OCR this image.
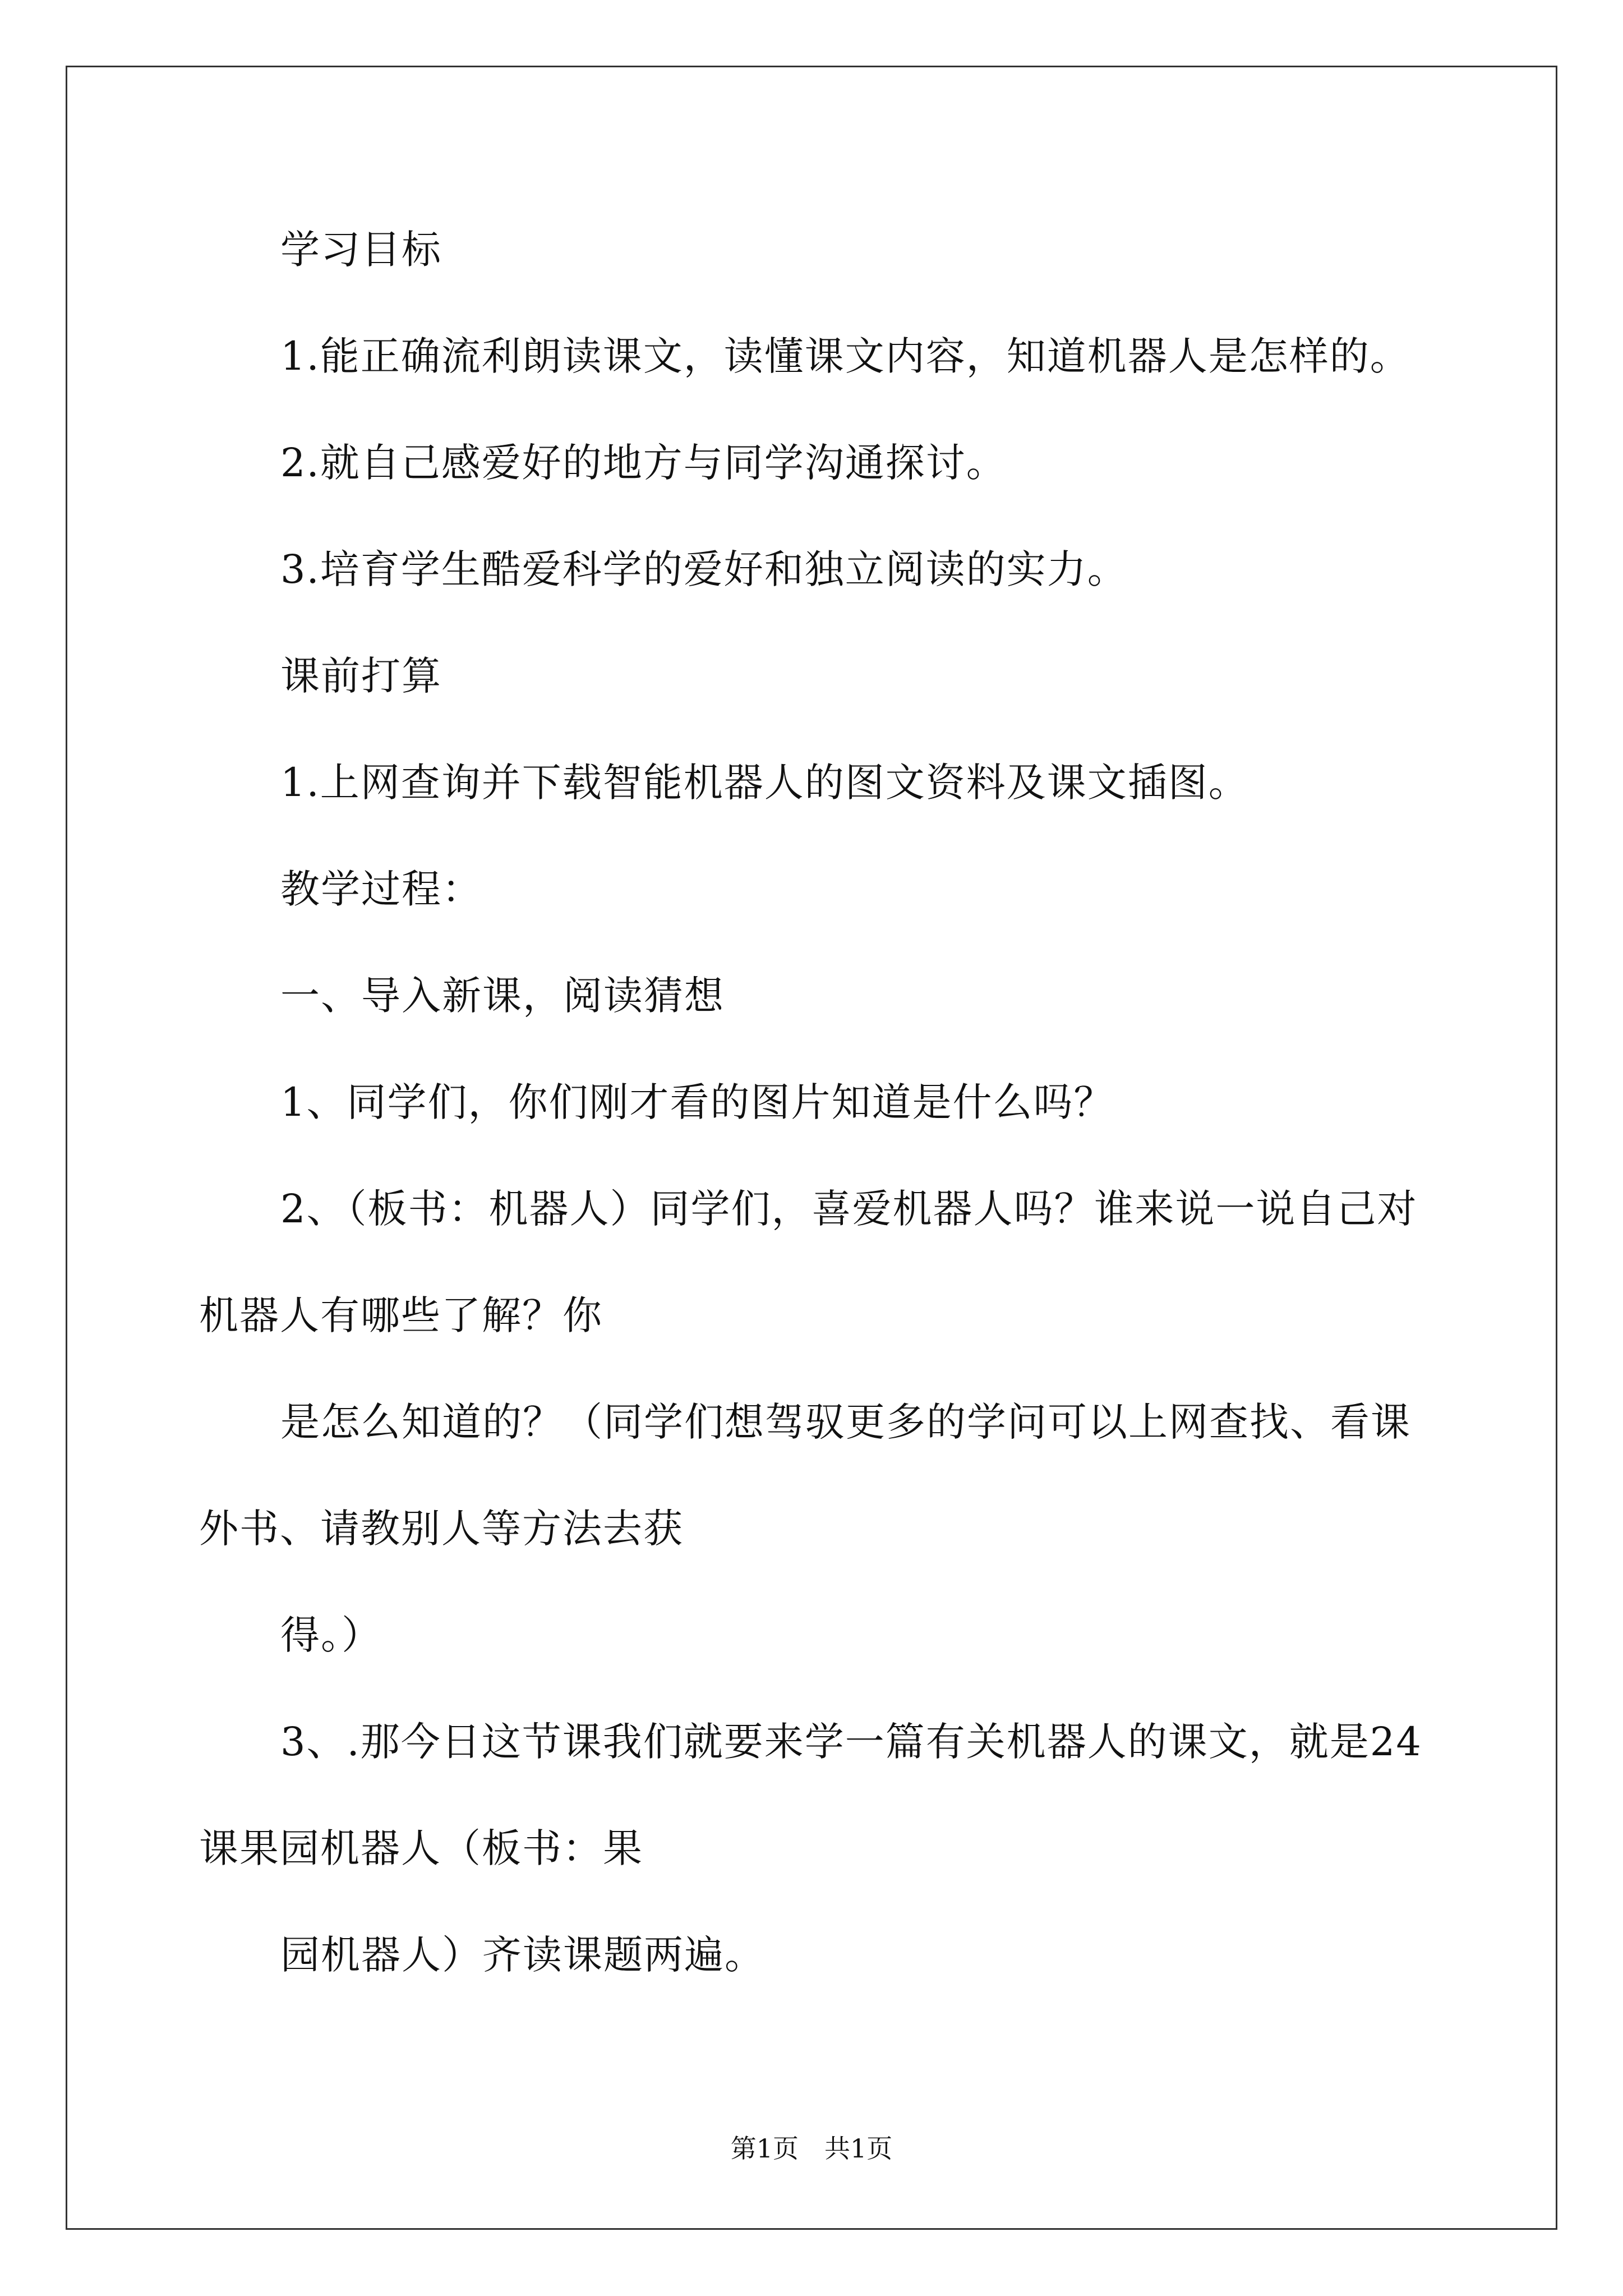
学习目标
1.能正确流利朗读课文，读懂课文内容，知道机器人是怎样的。
2.就自己感爱好的地方与同学沟通探讨。
3.培育学生酷爱科学的爱好和独立阅读的实力。
课前打算
1.上网查询并下载智能机器人的图文资料及课文插图。
教学过程：
一、导入新课，阅读猜想
1、同学们，你们刚才看的图片知道是什么吗？
2、（板书：机器人）同学们，喜爱机器人吗？谁来说一说自己对
机器人有哪些了解？你
是怎么知道的？（同学们想驾驭更多的学问可以上网查找、看课
外书、请教别人等方法去获
得。）
3、.那今日这节课我们就要来学一篇有关机器人的课文，就是24
课果园机器人（板书：果
园机器人）齐读课题两遍。
第1页　共1页
